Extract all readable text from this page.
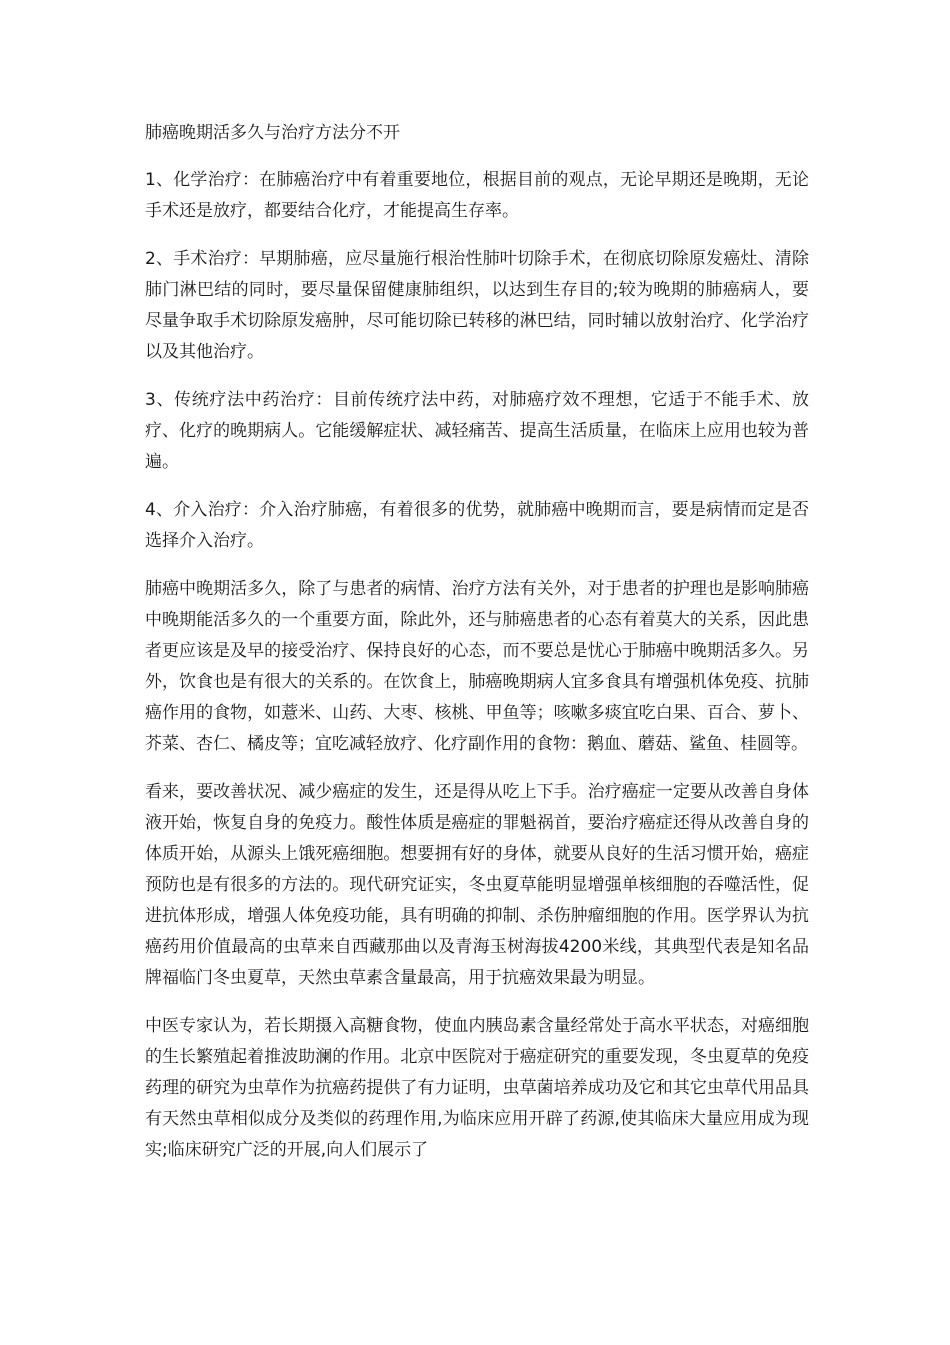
肺癌晚期活多久与治疗方法分不开

1、化学治疗：在肺癌治疗中有着重要地位，根据目前的观点，无论早期还是晚期，无论手术还是放疗，都要结合化疗，才能提高生存率。

2、手术治疗：早期肺癌，应尽量施行根治性肺叶切除手术，在彻底切除原发癌灶、清除肺门淋巴结的同时，要尽量保留健康肺组织，以达到生存目的;较为晚期的肺癌病人，要尽量争取手术切除原发癌肿，尽可能切除已转移的淋巴结，同时辅以放射治疗、化学治疗以及其他治疗。

3、传统疗法中药治疗：目前传统疗法中药，对肺癌疗效不理想，它适于不能手术、放疗、化疗的晚期病人。它能缓解症状、减轻痛苦、提高生活质量，在临床上应用也较为普遍。

4、介入治疗：介入治疗肺癌，有着很多的优势，就肺癌中晚期而言，要是病情而定是否选择介入治疗。

肺癌中晚期活多久，除了与患者的病情、治疗方法有关外，对于患者的护理也是影响肺癌中晚期能活多久的一个重要方面，除此外，还与肺癌患者的心态有着莫大的关系，因此患者更应该是及早的接受治疗、保持良好的心态，而不要总是忧心于肺癌中晚期活多久。另外，饮食也是有很大的关系的。在饮食上，肺癌晚期病人宜多食具有增强机体免疫、抗肺癌作用的食物，如薏米、山药、大枣、核桃、甲鱼等；咳嗽多痰宜吃白果、百合、萝卜、芥菜、杏仁、橘皮等；宜吃减轻放疗、化疗副作用的食物：鹅血、蘑菇、鲨鱼、桂圆等。

看来，要改善状况、减少癌症的发生，还是得从吃上下手。治疗癌症一定要从改善自身体液开始，恢复自身的免疫力。酸性体质是癌症的罪魁祸首，要治疗癌症还得从改善自身的体质开始，从源头上饿死癌细胞。想要拥有好的身体，就要从良好的生活习惯开始，癌症预防也是有很多的方法的。现代研究证实，冬虫夏草能明显增强单核细胞的吞噬活性，促进抗体形成，增强人体免疫功能，具有明确的抑制、杀伤肿瘤细胞的作用。医学界认为抗癌药用价值最高的虫草来自西藏那曲以及青海玉树海拔4200米线，其典型代表是知名品牌福临门冬虫夏草，天然虫草素含量最高，用于抗癌效果最为明显。

中医专家认为，若长期摄入高糖食物，使血内胰岛素含量经常处于高水平状态，对癌细胞的生长繁殖起着推波助澜的作用。北京中医院对于癌症研究的重要发现，冬虫夏草的免疫药理的研究为虫草作为抗癌药提供了有力证明，虫草菌培养成功及它和其它虫草代用品具有天然虫草相似成分及类似的药理作用,为临床应用开辟了药源,使其临床大量应用成为现实;临床研究广泛的开展,向人们展示了
